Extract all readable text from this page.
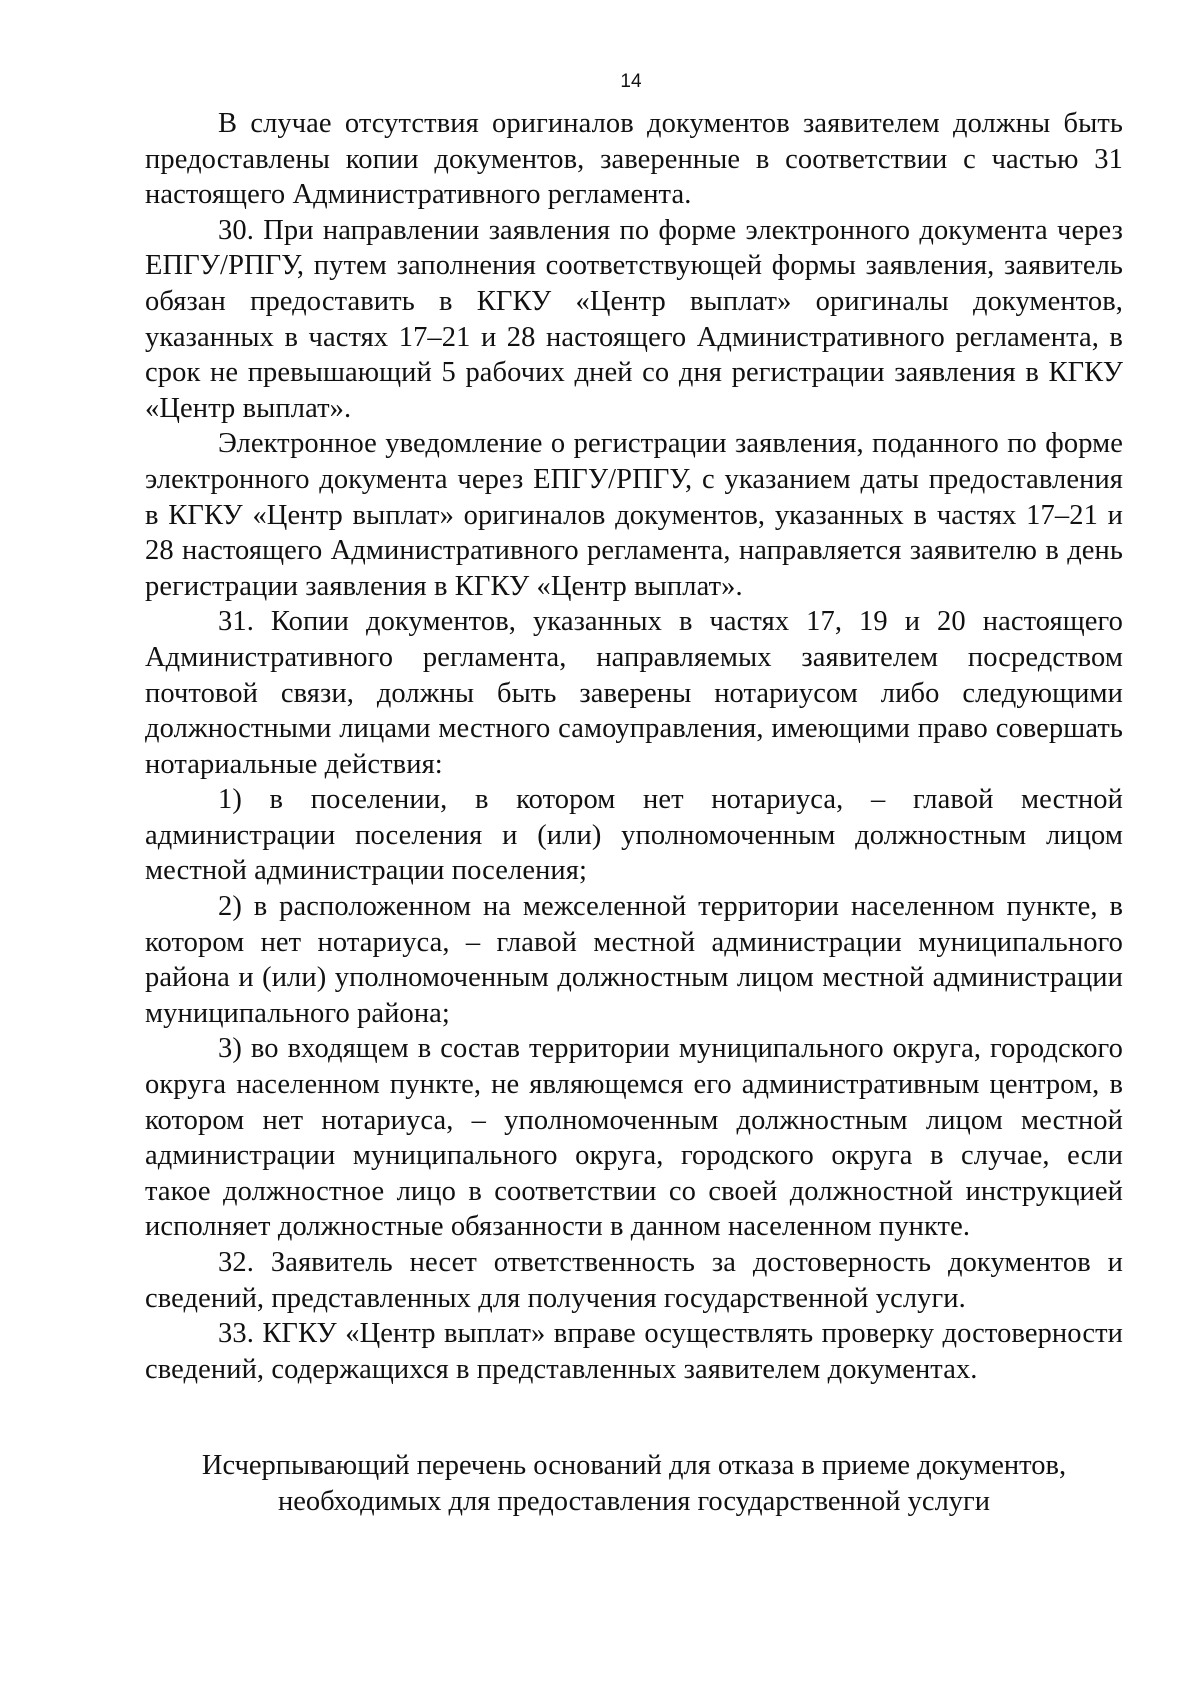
14

В случае отсутствия оригиналов документов заявителем должны быть предоставлены копии документов, заверенные в соответствии с частью 31 настоящего Административного регламента.

30. При направлении заявления по форме электронного документа через ЕПГУ/РПГУ, путем заполнения соответствующей формы заявления, заявитель обязан предоставить в КГКУ «Центр выплат» оригиналы документов, указанных в частях 17–21 и 28 настоящего Административного регламента, в срок не превышающий 5 рабочих дней со дня регистрации заявления в КГКУ «Центр выплат».

Электронное уведомление о регистрации заявления, поданного по форме электронного документа через ЕПГУ/РПГУ, с указанием даты предоставления в КГКУ «Центр выплат» оригиналов документов, указанных в частях 17–21 и 28 настоящего Административного регламента, направляется заявителю в день регистрации заявления в КГКУ «Центр выплат».

31. Копии документов, указанных в частях 17, 19 и 20 настоящего Административного регламента, направляемых заявителем посредством почтовой связи, должны быть заверены нотариусом либо следующими должностными лицами местного самоуправления, имеющими право совершать нотариальные действия:

1) в поселении, в котором нет нотариуса, – главой местной администрации поселения и (или) уполномоченным должностным лицом местной администрации поселения;

2) в расположенном на межселенной территории населенном пункте, в котором нет нотариуса, – главой местной администрации муниципального района и (или) уполномоченным должностным лицом местной администрации муниципального района;

3) во входящем в состав территории муниципального округа, городского округа населенном пункте, не являющемся его административным центром, в котором нет нотариуса, – уполномоченным должностным лицом местной администрации муниципального округа, городского округа в случае, если такое должностное лицо в соответствии со своей должностной инструкцией исполняет должностные обязанности в данном населенном пункте.

32. Заявитель несет ответственность за достоверность документов и сведений, представленных для получения государственной услуги.

33. КГКУ «Центр выплат» вправе осуществлять проверку достоверности сведений, содержащихся в представленных заявителем документах.

Исчерпывающий перечень оснований для отказа в приеме документов,
необходимых для предоставления государственной услуги
